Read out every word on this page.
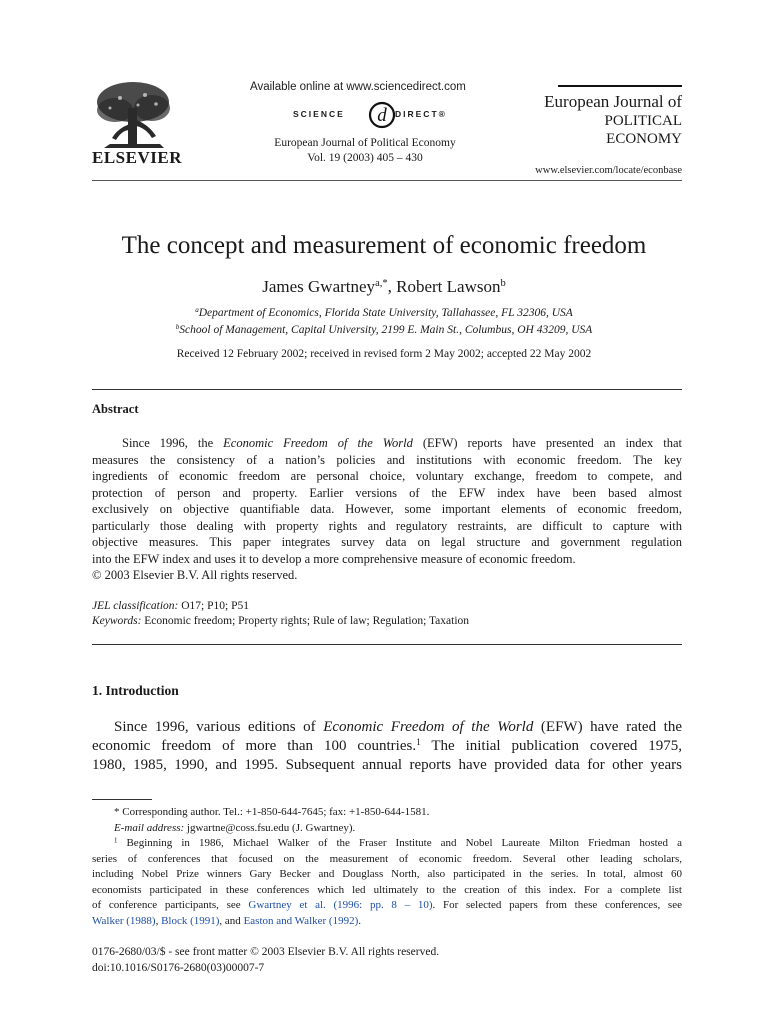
ELSEVIER
Available online at www.sciencedirect.com
d
SCIENCE	DIRECT®
European Journal of Political Economy
Vol. 19 (2003) 405 – 430
European Journal of
POLITICAL
ECONOMY
www.elsevier.com/locate/econbase
The concept and measurement of economic freedom
James Gwartney$^{a,*}$, Robert Lawson$^b$
$^a$Department of Economics, Florida State University, Tallahassee, FL 32306, USA
$^b$School of Management, Capital University, 2199 E. Main St., Columbus, OH 43209, USA
Received 12 February 2002; received in revised form 2 May 2002; accepted 22 May 2002
Abstract
Since 1996, the Economic Freedom of the World (EFW) reports have presented an index that
measures the consistency of a nation’s policies and institutions with economic freedom. The key
ingredients of economic freedom are personal choice, voluntary exchange, freedom to compete, and
protection of person and property. Earlier versions of the EFW index have been based almost
exclusively on objective quantifiable data. However, some important elements of economic freedom,
particularly those dealing with property rights and regulatory restraints, are difficult to capture with
objective measures. This paper integrates survey data on legal structure and government regulation
into the EFW index and uses it to develop a more comprehensive measure of economic freedom.
© 2003 Elsevier B.V. All rights reserved.
JEL classification: O17; P10; P51
Keywords: Economic freedom; Property rights; Rule of law; Regulation; Taxation
1. Introduction
Since 1996, various editions of Economic Freedom of the World (EFW) have rated the
economic freedom of more than 100 countries.$^1$ The initial publication covered 1975,
1980, 1985, 1990, and 1995. Subsequent annual reports have provided data for other years
* Corresponding author. Tel.: +1-850-644-7645; fax: +1-850-644-1581.
E-mail address: jgwartne@coss.fsu.edu (J. Gwartney).
$^1$ Beginning in 1986, Michael Walker of the Fraser Institute and Nobel Laureate Milton Friedman hosted a
series of conferences that focused on the measurement of economic freedom. Several other leading scholars,
including Nobel Prize winners Gary Becker and Douglass North, also participated in the series. In total, almost 60
economists participated in these conferences which led ultimately to the creation of this index. For a complete list
of conference participants, see Gwartney et al. (1996: pp. 8 – 10). For selected papers from these conferences, see
Walker (1988), Block (1991), and Easton and Walker (1992).
0176-2680/03/$ - see front matter © 2003 Elsevier B.V. All rights reserved.
doi:10.1016/S0176-2680(03)00007-7
